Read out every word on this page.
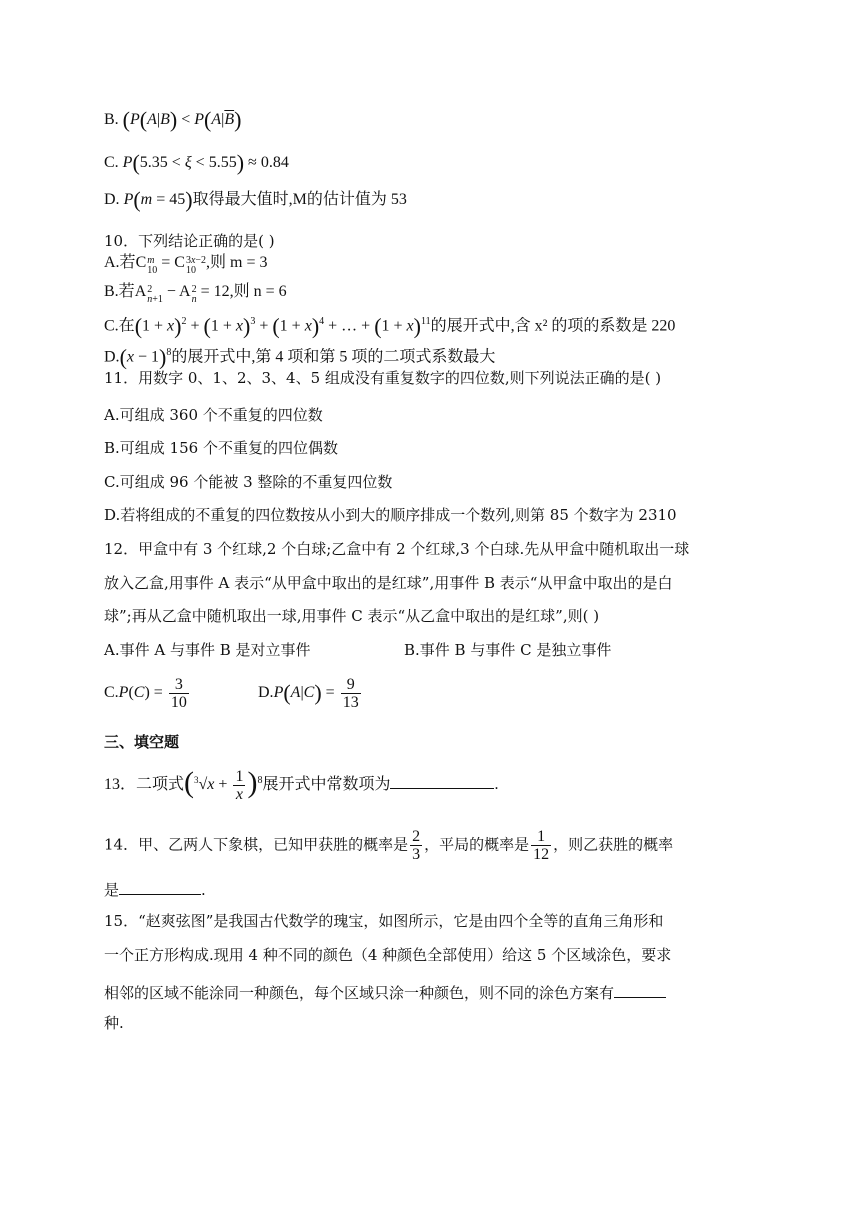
B. ($P(A|B) < P(A|\overline{B})$
C. P(5.35 < ξ < 5.55) ≈ 0.84
D. P(m = 45)取得最大值时,M的估计值为 53
10．下列结论正确的是( )
A.若C m
10 = C 3x−2
10 ,则 m = 3
B.若A 2
n+1 − A 2
n = 12,则 n = 6
C.在$(1 + x)^2 + (1 + x)^3 + (1 + x)^4$ + … + $(1 + x)^{11}$的展开式中,含 x² 的项的系数是 220
$D.(x - 1)^8$的展开式中,第 4 项和第 5 项的二项式系数最大
11．用数字 0、1、2、3、4、5 组成没有重复数字的四位数,则下列说法正确的是( )
A.可组成 360 个不重复的四位数
B.可组成 156 个不重复的四位偶数
C.可组成 96 个能被 3 整除的不重复四位数
D.若将组成的不重复的四位数按从小到大的顺序排成一个数列,则第 85 个数字为 2310
12．甲盒中有 3 个红球,2 个白球;乙盒中有 2 个红球,3 个白球.先从甲盒中随机取出一球
放入乙盒,用事件 A 表示“从甲盒中取出的是红球”,用事件 B 表示“从甲盒中取出的是白
球”;再从乙盒中随机取出一球,用事件 C 表示“从乙盒中取出的是红球”,则( )
A.事件 A 与事件 B 是对立事件	B.事件 B 与事件 C 是独立事件
$C.P(C) = \frac{3}{10}$	$D.P(A|C) = \frac{9}{13}$
三、填空题
13．二项式$(^3√x + \frac{1}{x} )^8$展开式中常数项为	.
14．甲、乙两人下象棋，已知甲获胜的概率是 $\frac{2}{3}$ ，平局的概率是 $\frac{1}{12}$ ，则乙获胜的概率
是	.
15．“赵爽弦图”是我国古代数学的瑰宝，如图所示，它是由四个全等的直角三角形和
一个正方形构成.现用 4 种不同的颜色（4 种颜色全部使用）给这 5 个区域涂色，要求
相邻的区域不能涂同一种颜色，每个区域只涂一种颜色，则不同的涂色方案有
种.
